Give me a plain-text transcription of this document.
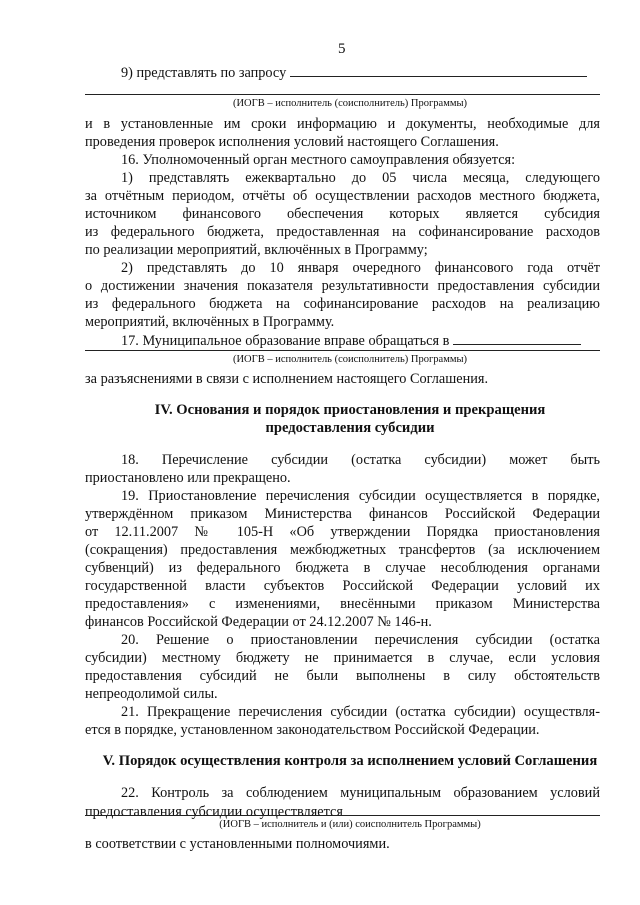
5
9) представлять по запросу
(ИОГВ – исполнитель (соисполнитель) Программы)
и в установленные им сроки информацию и документы, необходимые для
проведения проверок исполнения условий настоящего Соглашения.
16. Уполномоченный орган местного самоуправления обязуется:
1) представлять ежеквартально до 05 числа месяца, следующего
за отчётным периодом, отчёты об осуществлении расходов местного бюджета,
источником финансового обеспечения которых является субсидия
из федерального бюджета, предоставленная на софинансирование расходов
по реализации мероприятий, включённых в Программу;
2) представлять до 10 января очередного финансового года отчёт
о достижении значения показателя результативности предоставления субсидии
из федерального бюджета на софинансирование расходов на реализацию
мероприятий, включённых в Программу.
17. Муниципальное образование вправе обращаться в
(ИОГВ – исполнитель (соисполнитель) Программы)
за разъяснениями в связи с исполнением настоящего Соглашения.
IV. Основания и порядок приостановления и прекращения
предоставления субсидии
18. Перечисление субсидии (остатка субсидии) может быть
приостановлено или прекращено.
19. Приостановление перечисления субсидии осуществляется в порядке,
утверждённом приказом Министерства финансов Российской Федерации
от 12.11.2007 № 105-Н «Об утверждении Порядка приостановления
(сокращения) предоставления межбюджетных трансфертов (за исключением
субвенций) из федерального бюджета в случае несоблюдения органами
государственной власти субъектов Российской Федерации условий их
предоставления» с изменениями, внесёнными приказом Министерства
финансов Российской Федерации от 24.12.2007 № 146-н.
20. Решение о приостановлении перечисления субсидии (остатка
субсидии) местному бюджету не принимается в случае, если условия
предоставления субсидий не были выполнены в силу обстоятельств
непреодолимой силы.
21. Прекращение перечисления субсидии (остатка субсидии) осуществля-
ется в порядке, установленном законодательством Российской Федерации.
V. Порядок осуществления контроля за исполнением условий Соглашения
22. Контроль за соблюдением муниципальным образованием условий
предоставления субсидии осуществляется
(ИОГВ – исполнитель и (или) соисполнитель Программы)
в соответствии с установленными полномочиями.
